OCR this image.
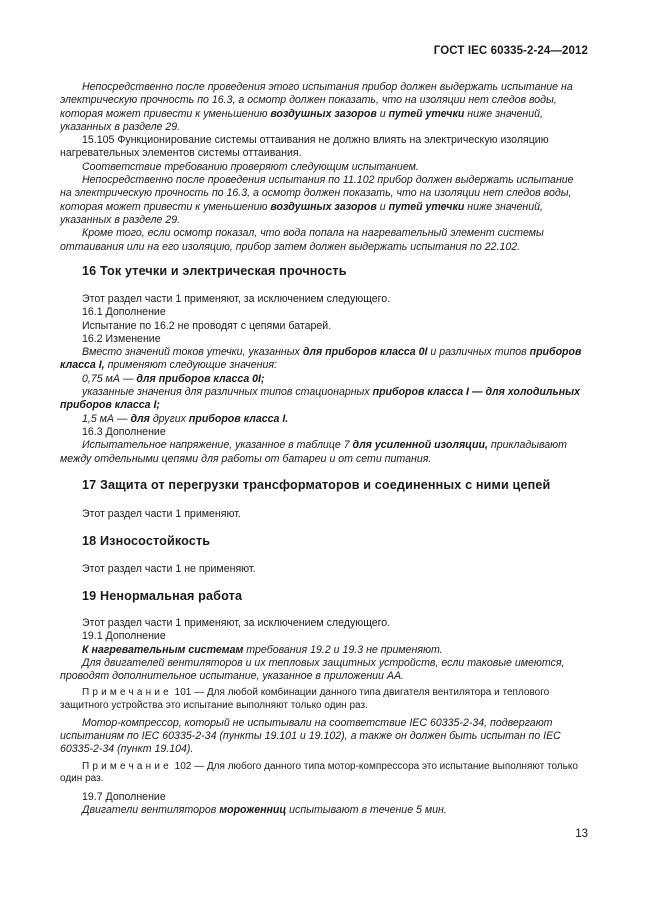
ГОСТ IEC 60335-2-24—2012

Непосредственно после проведения этого испытания прибор должен выдержать испытание на электрическую прочность по 16.3, а осмотр должен показать, что на изоляции нет следов воды, которая может привести к уменьшению воздушных зазоров и путей утечки ниже значений, указанных в разделе 29.

15.105 Функционирование системы оттаивания не должно влиять на электрическую изоляцию нагревательных элементов системы оттаивания.

Соответствие требованию проверяют следующим испытанием.

Непосредственно после проведения испытания по 11.102 прибор должен выдержать испытание на электрическую прочность по 16.3, а осмотр должен показать, что на изоляции нет следов воды, которая может привести к уменьшению воздушных зазоров и путей утечки ниже значений, указанных в разделе 29.

Кроме того, если осмотр показал, что вода попала на нагревательный элемент системы оттаивания или на его изоляцию, прибор затем должен выдержать испытания по 22.102.

16 Ток утечки и электрическая прочность

Этот раздел части 1 применяют, за исключением следующего.

16.1 Дополнение

Испытание по 16.2 не проводят с цепями батарей.

16.2 Изменение

Вместо значений токов утечки, указанных для приборов класса 0I и различных типов приборов класса I, применяют следующие значения:

0,75 мА — для приборов класса 0I;

указанные значения для различных типов стационарных приборов класса I — для холодильных приборов класса I;

1,5 мА — для других приборов класса I.

16.3 Дополнение

Испытательное напряжение, указанное в таблице 7 для усиленной изоляции, прикладывают между отдельными цепями для работы от батареи и от сети питания.

17 Защита от перегрузки трансформаторов и соединенных с ними цепей

Этот раздел части 1 применяют.

18 Износостойкость

Этот раздел части 1 не применяют.

19 Ненормальная работа

Этот раздел части 1 применяют, за исключением следующего.

19.1 Дополнение

К нагревательным системам требования 19.2 и 19.3 не применяют.

Для двигателей вентиляторов и их тепловых защитных устройств, если таковые имеются, проводят дополнительное испытание, указанное в приложении АА.

Примечание 101 — Для любой комбинации данного типа двигателя вентилятора и теплового защитного устройства это испытание выполняют только один раз.

Мотор-компрессор, который не испытывали на соответствие IEC 60335-2-34, подвергают испытаниям по IEC 60335-2-34 (пункты 19.101 и 19.102), а также он должен быть испытан по IEC 60335-2-34 (пункт 19.104).

Примечание 102 — Для любого данного типа мотор-компрессора это испытание выполняют только один раз.

19.7 Дополнение

Двигатели вентиляторов мороженниц испытывают в течение 5 мин.

13
